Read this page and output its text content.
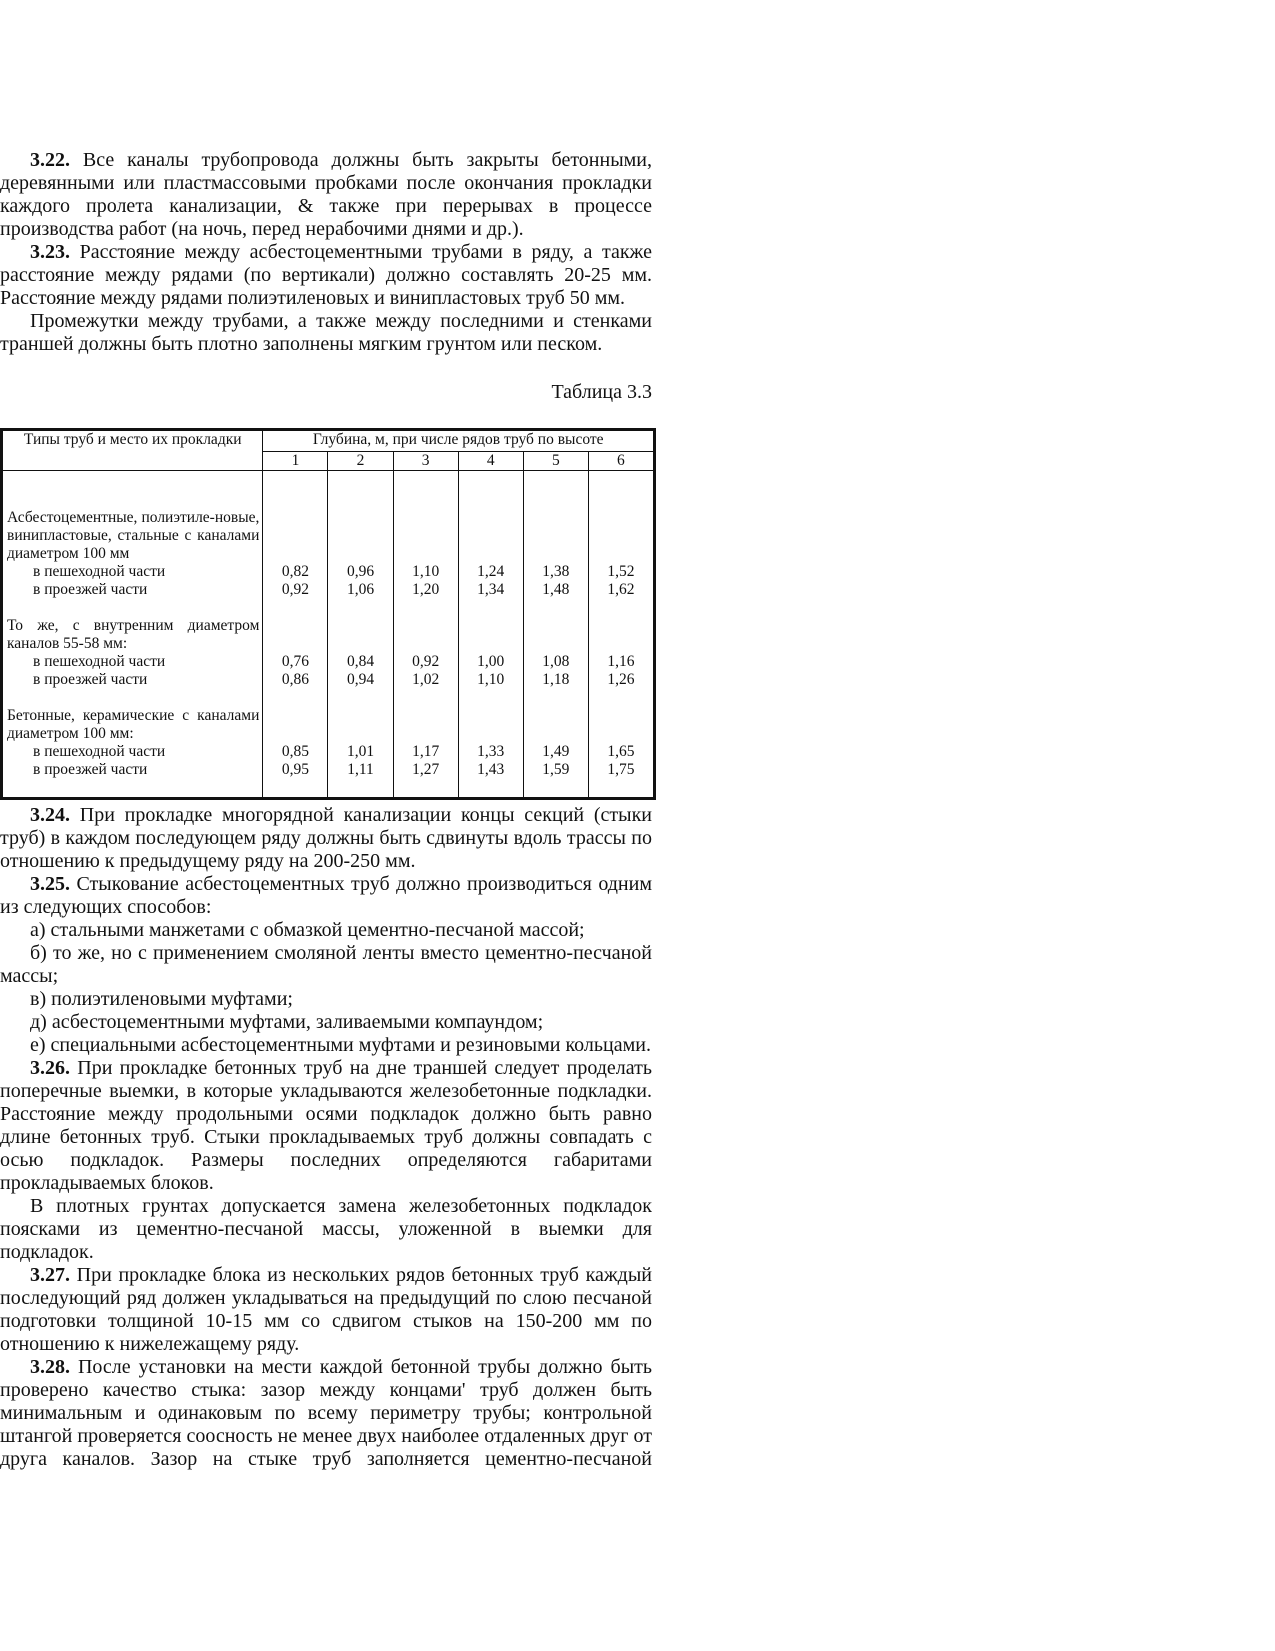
3.22. Все каналы трубопровода должны быть закрыты бетонными, деревянными или пластмассовыми пробками после окончания прокладки каждого пролета канализации, & также при перерывах в процессе производства работ (на ночь, перед нерабочими днями и др.).

3.23. Расстояние между асбестоцементными трубами в ряду, а также расстояние между рядами (по вертикали) должно составлять 20-25 мм. Расстояние между рядами полиэтиленовых и винипластовых труб 50 мм.

Промежутки между трубами, а также между последними и стенками траншей должны быть плотно заполнены мягким грунтом или песком.

Таблица 3.3
Типы труб и место их прокладки	Глубина, м, при числе рядов труб по высоте					
	1	2	3	4	5	6

Асбестоцементные, полиэтиле-новые, винипластовые, стальные с каналами диаметром 100 мм						
в пешеходной части	0,82	0,96	1,10	1,24	1,38	1,52
в проезжей части	0,92	1,06	1,20	1,34	1,48	1,62

То же, с внутренним диаметром каналов 55-58 мм:						
в пешеходной части	0,76	0,84	0,92	1,00	1,08	1,16
в проезжей части	0,86	0,94	1,02	1,10	1,18	1,26

Бетонные, керамические с каналами диаметром 100 мм:						
в пешеходной части	0,85	1,01	1,17	1,33	1,49	1,65
в проезжей части	0,95	1,11	1,27	1,43	1,59	1,75

3.24. При прокладке многорядной канализации концы секций (стыки труб) в каждом последующем ряду должны быть сдвинуты вдоль трассы по отношению к предыдущему ряду на 200-250 мм.

3.25. Стыкование асбестоцементных труб должно производиться одним из следующих способов:

а) стальными манжетами с обмазкой цементно-песчаной массой;

б) то же, но с применением смоляной ленты вместо цементно-песчаной массы;

в) полиэтиленовыми муфтами;

д) асбестоцементными муфтами, заливаемыми компаундом;

е) специальными асбестоцементными муфтами и резиновыми кольцами.

3.26. При прокладке бетонных труб на дне траншей следует проделать поперечные выемки, в которые укладываются железобетонные подкладки. Расстояние между продольными осями подкладок должно быть равно длине бетонных труб. Стыки прокладываемых труб должны совпадать с осью подкладок. Размеры последних определяются габаритами прокладываемых блоков.

В плотных грунтах допускается замена железобетонных подкладок поясками из цементно-песчаной массы, уложенной в выемки для подкладок.

3.27. При прокладке блока из нескольких рядов бетонных труб каждый последующий ряд должен укладываться на предыдущий по слою песчаной подготовки толщиной 10-15 мм со сдвигом стыков на 150-200 мм по отношению к нижележащему ряду.

3.28. После установки на мести каждой бетонной трубы должно быть проверено качество стыка: зазор между концами' труб должен быть минимальным и одинаковым по всему периметру трубы; контрольной штангой проверяется соосность не менее двух наиболее отдаленных друг от друга каналов. Зазор на стыке труб заполняется цементно-песчаной
